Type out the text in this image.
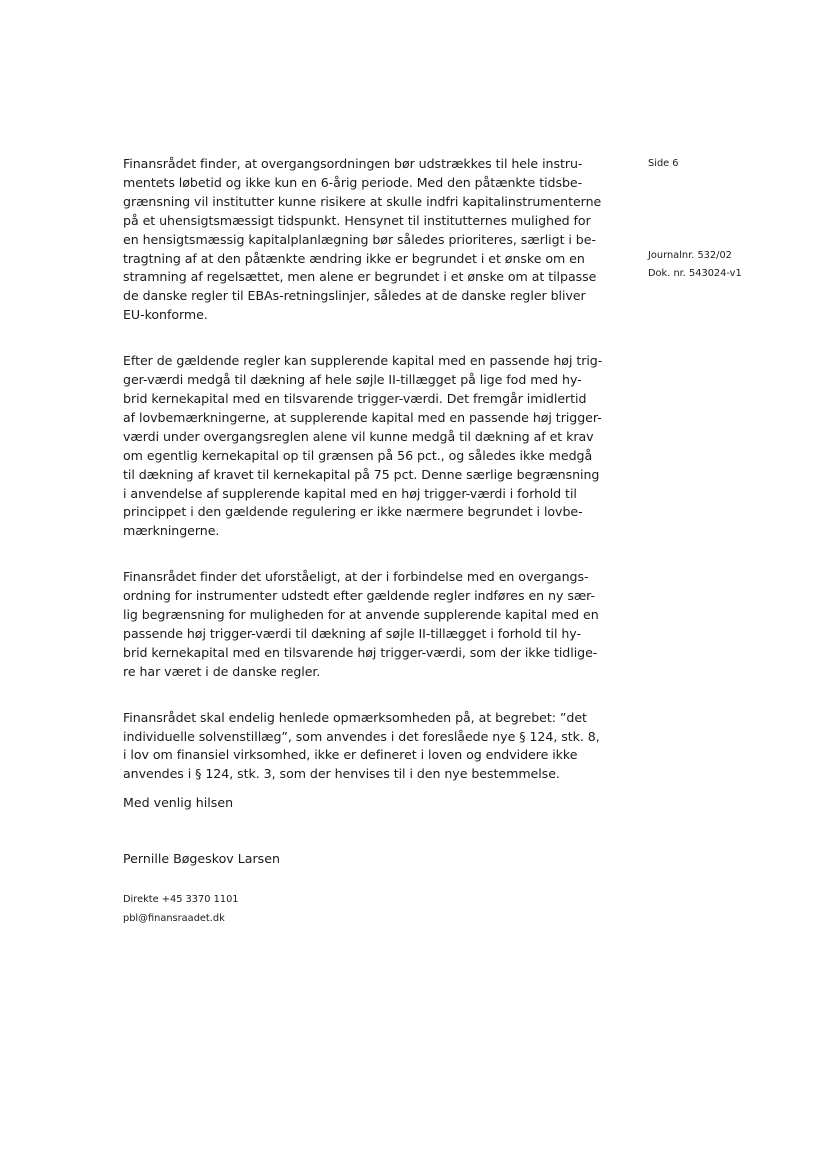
Side 6
Journalnr. 532/02
Dok. nr. 543024-v1

Finansrådet finder, at overgangsordningen bør udstrækkes til hele instru-
mentets løbetid og ikke kun en 6-årig periode. Med den påtænkte tidsbe-
grænsning vil institutter kunne risikere at skulle indfri kapitalinstrumenterne
på et uhensigtsmæssigt tidspunkt. Hensynet til institutternes mulighed for
en hensigtsmæssig kapitalplanlægning bør således prioriteres, særligt i be-
tragtning af at den påtænkte ændring ikke er begrundet i et ønske om en
stramning af regelsættet, men alene er begrundet i et ønske om at tilpasse
de danske regler til EBAs-retningslinjer, således at de danske regler bliver
EU-konforme.

Efter de gældende regler kan supplerende kapital med en passende høj trig-
ger-værdi medgå til dækning af hele søjle II-tillægget på lige fod med hy-
brid kernekapital med en tilsvarende trigger-værdi. Det fremgår imidlertid
af lovbemærkningerne, at supplerende kapital med en passende høj trigger-
værdi under overgangsreglen alene vil kunne medgå til dækning af et krav
om egentlig kernekapital op til grænsen på 56 pct., og således ikke medgå
til dækning af kravet til kernekapital på 75 pct. Denne særlige begrænsning
i anvendelse af supplerende kapital med en høj trigger-værdi i forhold til
princippet i den gældende regulering er ikke nærmere begrundet i lovbe-
mærkningerne.

Finansrådet finder det uforståeligt, at der i forbindelse med en overgangs-
ordning for instrumenter udstedt efter gældende regler indføres en ny sær-
lig begrænsning for muligheden for at anvende supplerende kapital med en
passende høj trigger-værdi til dækning af søjle II-tillægget i forhold til hy-
brid kernekapital med en tilsvarende høj trigger-værdi, som der ikke tidlige-
re har været i de danske regler.

Finansrådet skal endelig henlede opmærksomheden på, at begrebet: ”det
individuelle solvenstillæg”, som anvendes i det foreslåede nye § 124, stk. 8,
i lov om finansiel virksomhed, ikke er defineret i loven og endvidere ikke
anvendes i § 124, stk. 3, som der henvises til i den nye bestemmelse.

Med venlig hilsen
Pernille Bøgeskov Larsen
Direkte +45 3370 1101
pbl@finansraadet.dk
